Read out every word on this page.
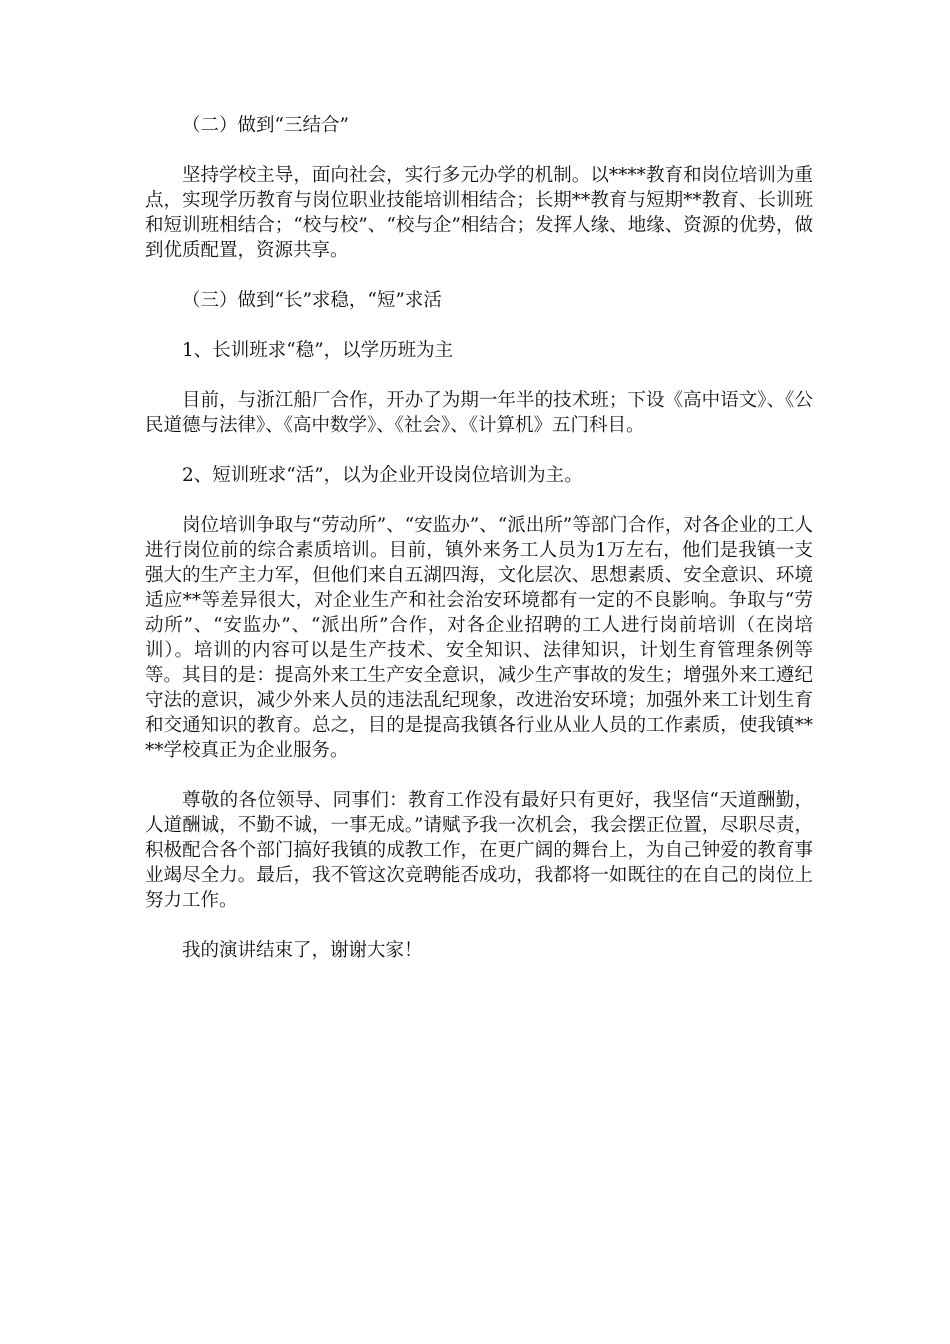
（二）做到“三结合”

坚持学校主导，面向社会，实行多元办学的机制。以****教育和岗位培训为重点，实现学历教育与岗位职业技能培训相结合；长期**教育与短期**教育、长训班和短训班相结合；“校与校”、“校与企”相结合；发挥人缘、地缘、资源的优势，做到优质配置，资源共享。

（三）做到“长”求稳，“短”求活

1、长训班求“稳”，以学历班为主

目前，与浙江船厂合作，开办了为期一年半的技术班；下设《高中语文》、《公民道德与法律》、《高中数学》、《社会》、《计算机》五门科目。

2、短训班求“活”，以为企业开设岗位培训为主。

岗位培训争取与“劳动所”、“安监办”、“派出所”等部门合作，对各企业的工人进行岗位前的综合素质培训。目前，镇外来务工人员为1万左右，他们是我镇一支强大的生产主力军，但他们来自五湖四海，文化层次、思想素质、安全意识、环境适应**等差异很大，对企业生产和社会治安环境都有一定的不良影响。争取与“劳动所”、“安监办”、“派出所”合作，对各企业招聘的工人进行岗前培训（在岗培训）。培训的内容可以是生产技术、安全知识、法律知识，计划生育管理条例等等。其目的是：提高外来工生产安全意识，减少生产事故的发生；增强外来工遵纪守法的意识，减少外来人员的违法乱纪现象，改进治安环境；加强外来工计划生育和交通知识的教育。总之，目的是提高我镇各行业从业人员的工作素质，使我镇****学校真正为企业服务。

尊敬的各位领导、同事们：教育工作没有最好只有更好，我坚信“天道酬勤，人道酬诚，不勤不诚，一事无成。”请赋予我一次机会，我会摆正位置，尽职尽责，积极配合各个部门搞好我镇的成教工作，在更广阔的舞台上，为自己钟爱的教育事业竭尽全力。最后，我不管这次竞聘能否成功，我都将一如既往的在自己的岗位上努力工作。

我的演讲结束了，谢谢大家！
